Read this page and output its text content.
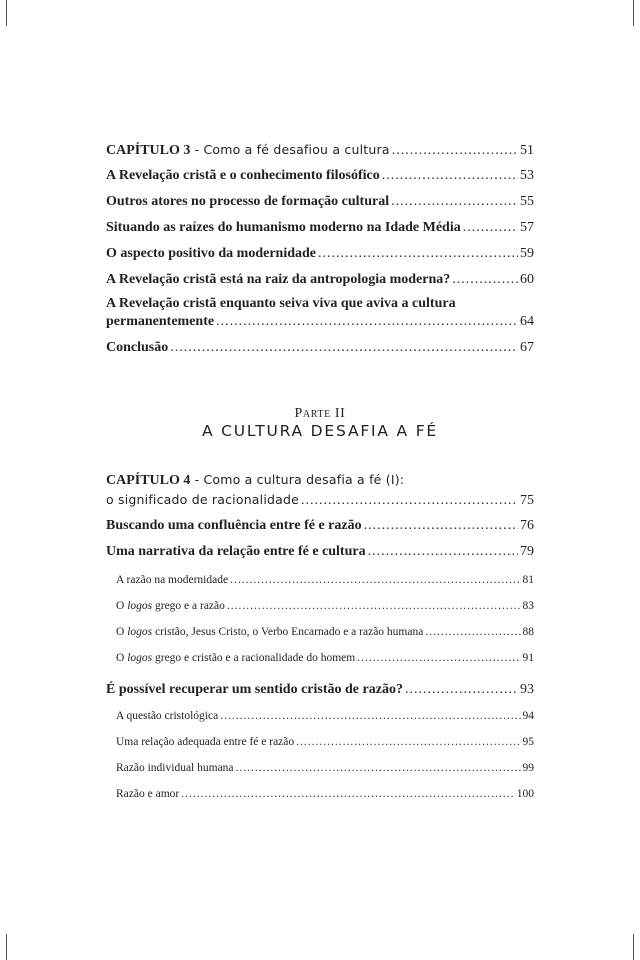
CAPÍTULO 3 - Como a fé desafiou a cultura .....	51
A Revelação cristã e o conhecimento filosófico .....	53
Outros atores no processo de formação cultural .....	55
Situando as raízes do humanismo moderno na Idade Média .....	57
O aspecto positivo da modernidade .....	59
A Revelação cristã está na raiz da antropologia moderna? .....	60
A Revelação cristã enquanto seiva viva que aviva a cultura
permanentemente .....	64
Conclusão .....	67
CAPÍTULO 4 - Como a cultura desafia a fé (I):
o significado de racionalidade .....	75
Buscando uma confluência entre fé e razão .....	76
Uma narrativa da relação entre fé e cultura .....	79
A razão na modernidade .....	81
O logos grego e a razão .....	83
O logos cristão, Jesus Cristo, o Verbo Encarnado e a razão humana .....	88
O logos grego e cristão e a racionalidade do homem .....	91
É possível recuperar um sentido cristão de razão? .....	93
A questão cristológica .....	94
Uma relação adequada entre fé e razão .....	95
Razão individual humana .....	99
Razão e amor .....	100
Parte II
A CULTURA DESAFIA A FÉ
